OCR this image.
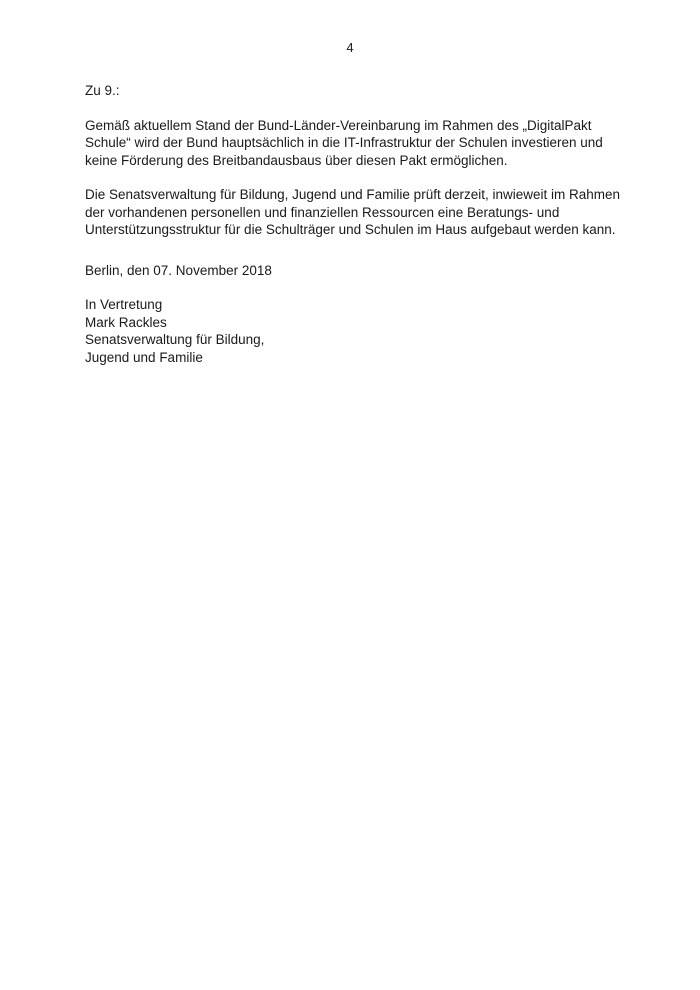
4

Zu 9.:

Gemäß aktuellem Stand der Bund-Länder-Vereinbarung im Rahmen des „DigitalPakt Schule“ wird der Bund hauptsächlich in die IT-Infrastruktur der Schulen investieren und keine Förderung des Breitbandausbaus über diesen Pakt ermöglichen.

Die Senatsverwaltung für Bildung, Jugend und Familie prüft derzeit, inwieweit im Rahmen der vorhandenen personellen und finanziellen Ressourcen eine Beratungs- und Unterstützungsstruktur für die Schulträger und Schulen im Haus aufgebaut werden kann.

Berlin, den 07. November 2018

In Vertretung
Mark Rackles
Senatsverwaltung für Bildung,
Jugend und Familie
